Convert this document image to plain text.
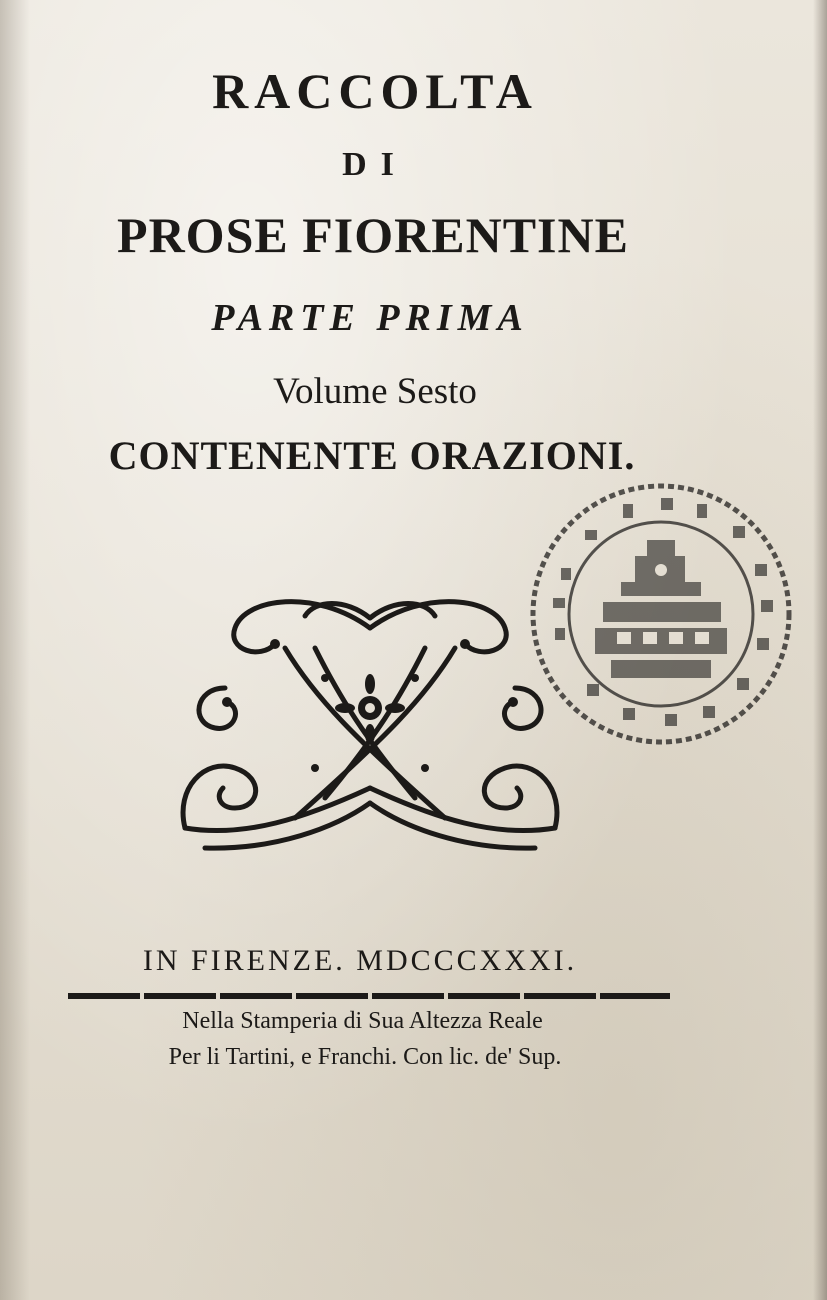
RACCOLTA
DI
PROSE FIORENTINE
PARTE PRIMA
Volume Sesto
CONTENENTE ORAZIONI.
IN FIRENZE. MDCCCXXXI.
Nella Stamperia di Sua Altezza Reale
Per li Tartini, e Franchi. Con lic. de' Sup.
